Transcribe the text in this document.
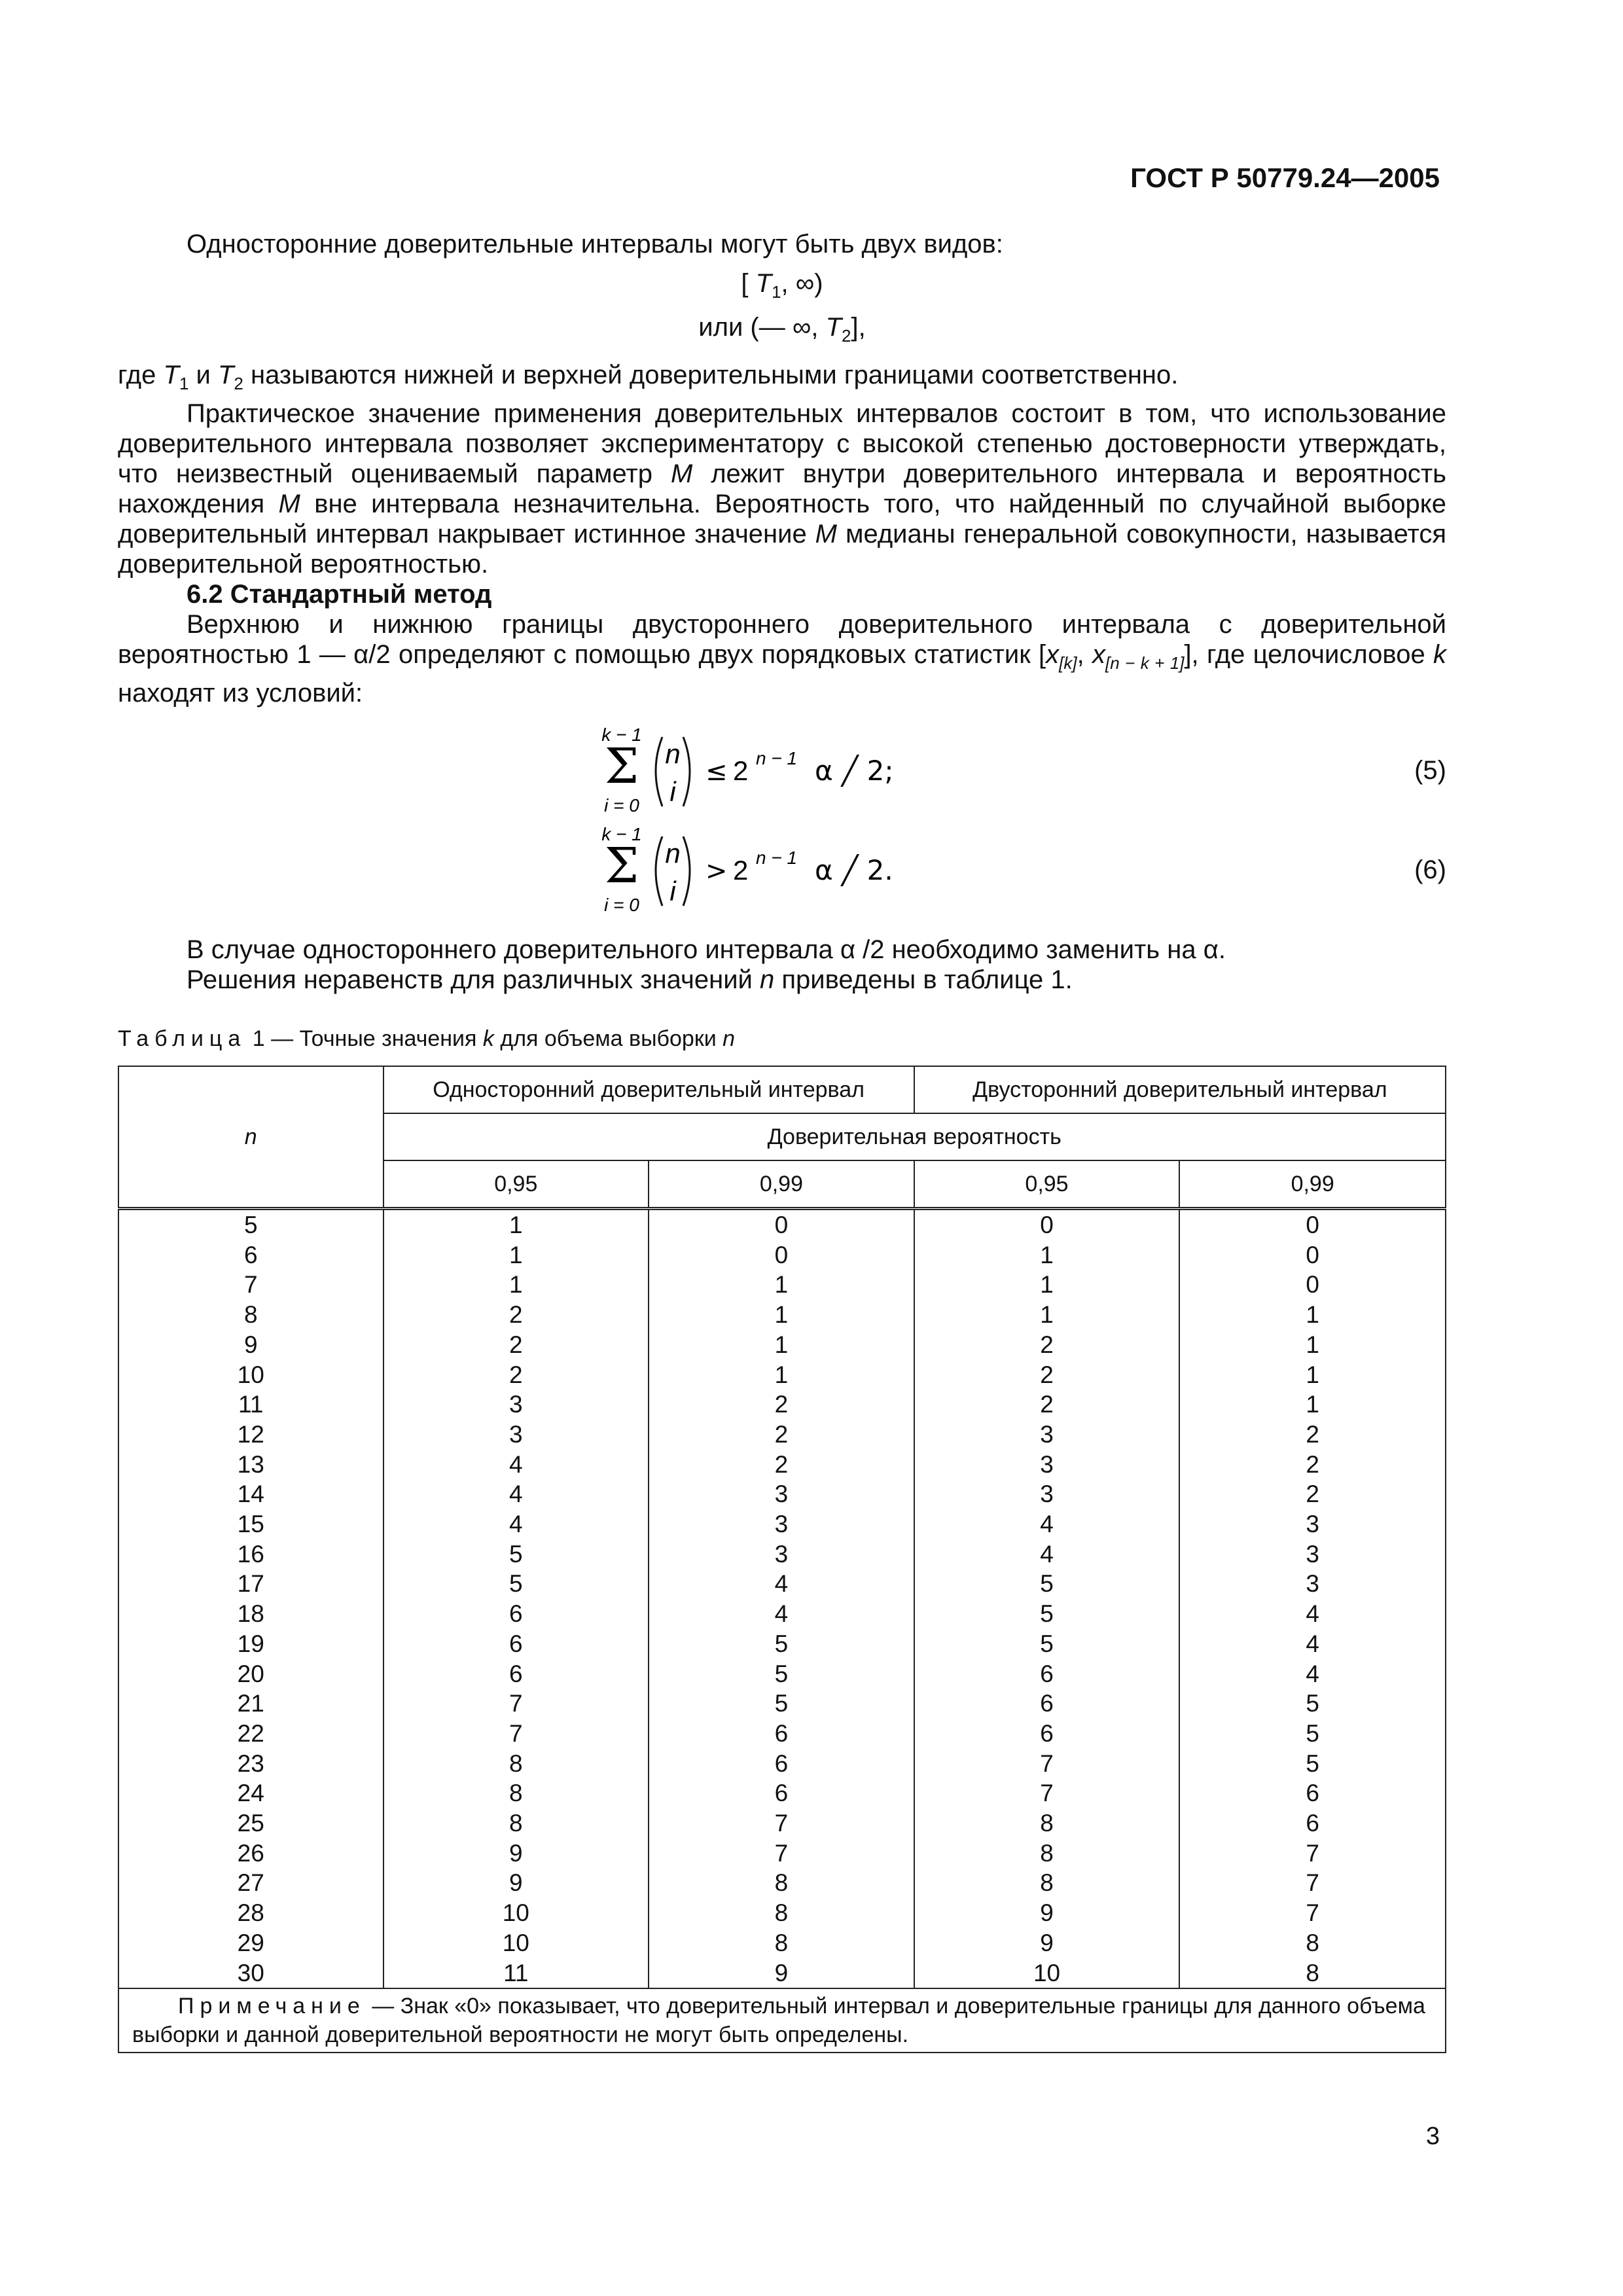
ГОСТ Р 50779.24—2005

Односторонние доверительные интервалы могут быть двух видов:

[ $T_1$, ∞)
или (— ∞, $T_2$],

где $T_1$ и $T_2$ называются нижней и верхней доверительными границами соответственно.

Практическое значение применения доверительных интервалов состоит в том, что использование доверительного интервала позволяет экспериментатору с высокой степенью достоверности утверждать, что неизвестный оцениваемый параметр M лежит внутри доверительного интервала и вероятность нахождения M вне интервала незначительна. Вероятность того, что найденный по случайной выборке доверительный интервал накрывает истинное значение M медианы генеральной совокупности, называется доверительной вероятностью.

6.2 Стандартный метод

Верхнюю и нижнюю границы двустороннего доверительного интервала с доверительной вероятностью 1 — α/2 определяют с помощью двух порядковых статистик [$x_{[k]}$, $x_{[n - k + 1]}$], где целочисловое k находят из условий:

k − 1
Σ
i = 0
n
i
≤ 2 n − 1 α ╱ 2;	(5)
k − 1
Σ
i = 0
n
i
> 2 n − 1 α ╱ 2.	(6)

В случае одностороннего доверительного интервала α /2 необходимо заменить на α.

Решения неравенств для различных значений n приведены в таблице 1.

Таблица 1 — Точные значения k для объема выборки n
n	Односторонний доверительный интервал		Двусторонний доверительный интервал	
	Доверительная вероятность			
	0,95	0,99	0,95	0,99
5	1	0	0	0
6	1	0	1	0
7	1	1	1	0
8	2	1	1	1
9	2	1	2	1
10	2	1	2	1
11	3	2	2	1
12	3	2	3	2
13	4	2	3	2
14	4	3	3	2
15	4	3	4	3
16	5	3	4	3
17	5	4	5	3
18	6	4	5	4
19	6	5	5	4
20	6	5	6	4
21	7	5	6	5
22	7	6	6	5
23	8	6	7	5
24	8	6	7	6
25	8	7	8	6
26	9	7	8	7
27	9	8	8	7
28	10	8	9	7
29	10	8	9	8
30	11	9	10	8
Примечание — Знак «0» показывает, что доверительный интервал и доверительные границы для данного объема выборки и данной доверительной вероятности не могут быть определены.				
3
